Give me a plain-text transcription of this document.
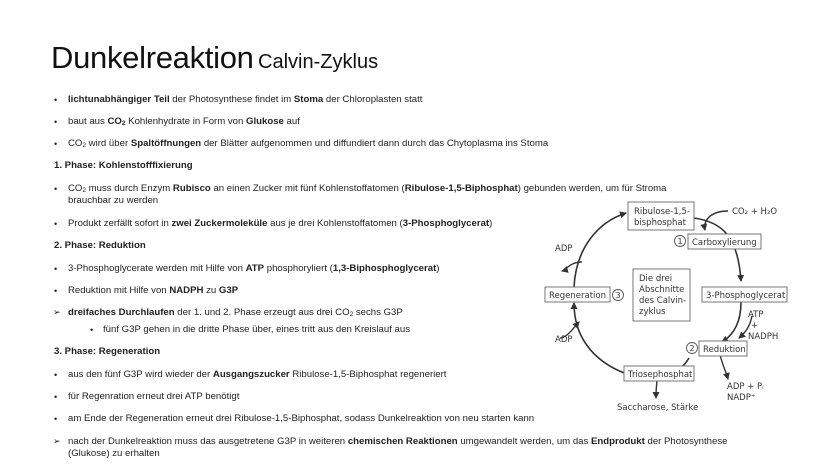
Dunkelreaktion Calvin-Zyklus
• lichtunabhängiger Teil der Photosynthese findet im Stoma der Chloroplasten statt
• baut aus CO2 Kohlenhydrate in Form von Glukose auf
• CO2 wird über Spaltöffnungen der Blätter aufgenommen und diffundiert dann durch das Chytoplasma ins Stoma
1. Phase: Kohlenstofffixierung
• CO2 muss durch Enzym Rubisco an einen Zucker mit fünf Kohlenstoffatomen (Ribulose-1,5-Biphosphat) gebunden werden, um für Stroma
brauchbar zu werden
• Produkt zerfällt sofort in zwei Zuckermoleküle aus je drei Kohlenstoffatomen (3-Phosphoglycerat)
2. Phase: Reduktion
• 3-Phosphoglycerate werden mit Hilfe von ATP phosphoryliert (1,3-Biphosphoglycerat)
• Reduktion mit Hilfe von NADPH zu G3P
➢ dreifaches Durchlaufen der 1. und 2. Phase erzeugt aus drei CO2 sechs G3P
• fünf G3P gehen in die dritte Phase über, eines tritt aus den Kreislauf aus
3. Phase: Regeneration
• aus den fünf G3P wird wieder der Ausgangszucker Ribulose-1,5-Biphosphat regeneriert
• für Regenration erneut drei ATP benötigt
• am Ende der Regeneration erneut drei Ribulose-1,5-Biphosphat, sodass Dunkelreaktion von neu starten kann
➢ nach der Dunkelreaktion muss das ausgetretene G3P in weiteren chemischen Reaktionen umgewandelt werden, um das Endprodukt der Photosynthese
(Glukose) zu erhalten
Ribulose-1,5-
bisphosphat
CO₂ + H₂O
1 Carboxylierung
Die drei
Abschnitte
des Calvin-
zyklus
3-Phosphoglycerat
Regeneration 3
ADP
ADP
ATP
+
NADPH
2 Reduktion
Triosephosphat
ADP + Pᵢ
NADP⁺
Saccharose, Stärke
